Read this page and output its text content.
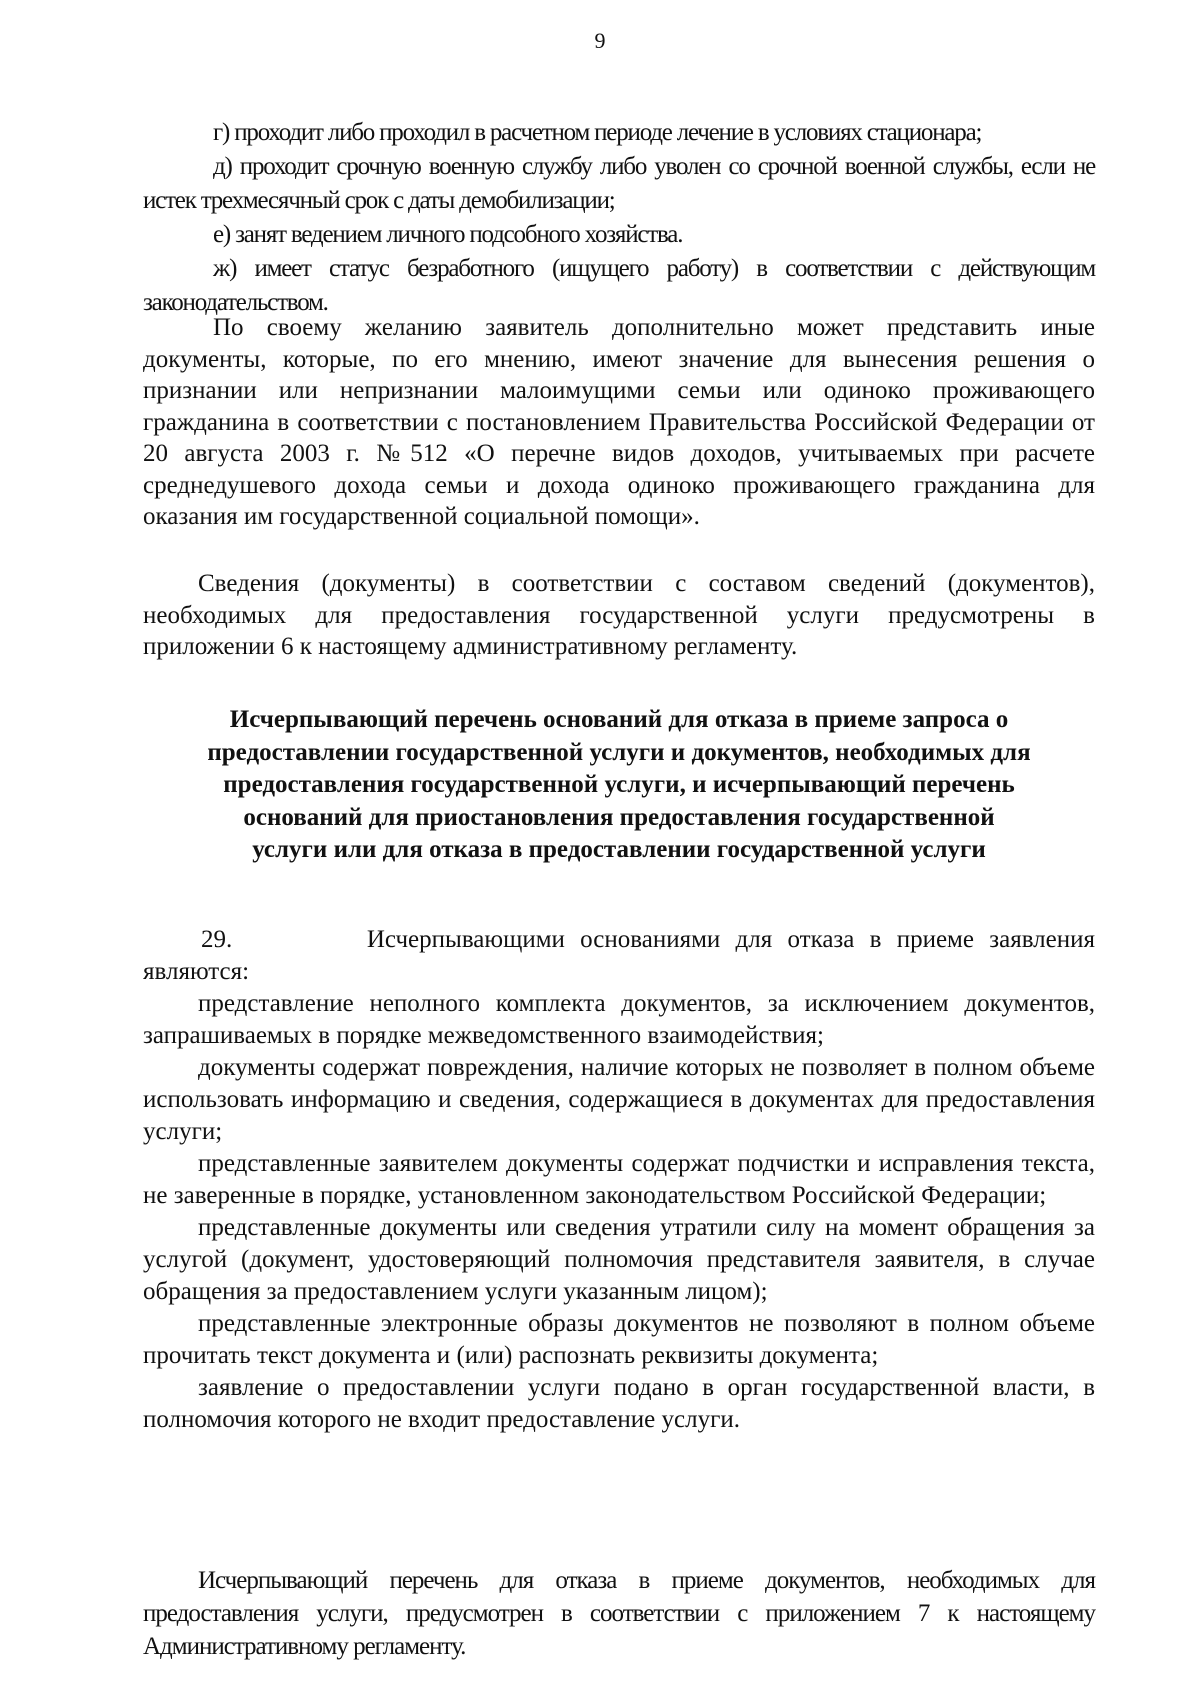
9

г) проходит либо проходил в расчетном периоде лечение в условиях стационара;

д) проходит срочную военную службу либо уволен со срочной военной службы, если не истек трехмесячный срок с даты демобилизации;

е) занят ведением личного подсобного хозяйства.

ж) имеет статус безработного (ищущего работу) в соответствии с действующим законодательством.

По своему желанию заявитель дополнительно может представить иные документы, которые, по его мнению, имеют значение для вынесения решения о признании или непризнании малоимущими семьи или одиноко проживающего гражданина в соответствии с постановлением Правительства Российской Федерации от 20 августа 2003 г. №512 «О перечне видов доходов, учитываемых при расчете среднедушевого дохода семьи и дохода одиноко проживающего гражданина для оказания им государственной социальной помощи».

Сведения (документы) в соответствии с составом сведений (документов), необходимых для предоставления государственной услуги предусмотрены в приложении 6 к настоящему административному регламенту.

Исчерпывающий перечень оснований для отказа в приеме запроса о
предоставлении государственной услуги и документов, необходимых для
предоставления государственной услуги, и исчерпывающий перечень
оснований для приостановления предоставления государственной
услуги или для отказа в предоставлении государственной услуги
29.	Исчерпывающими основаниями для отказа в приеме заявления

являются:

представление неполного комплекта документов, за исключением документов, запрашиваемых в порядке межведомственного взаимодействия;

документы содержат повреждения, наличие которых не позволяет в полном объеме использовать информацию и сведения, содержащиеся в документах для предоставления услуги;

представленные заявителем документы содержат подчистки и исправления текста, не заверенные в порядке, установленном законодательством Российской Федерации;

представленные документы или сведения утратили силу на момент обращения за услугой (документ, удостоверяющий полномочия представителя заявителя, в случае обращения за предоставлением услуги указанным лицом);

представленные электронные образы документов не позволяют в полном объеме прочитать текст документа и (или) распознать реквизиты документа;

заявление о предоставлении услуги подано в орган государственной власти, в полномочия которого не входит предоставление услуги.

Исчерпывающий перечень для отказа в приеме документов, необходимых для предоставления услуги, предусмотрен в соответствии с приложением 7 к настоящему Административному регламенту.
